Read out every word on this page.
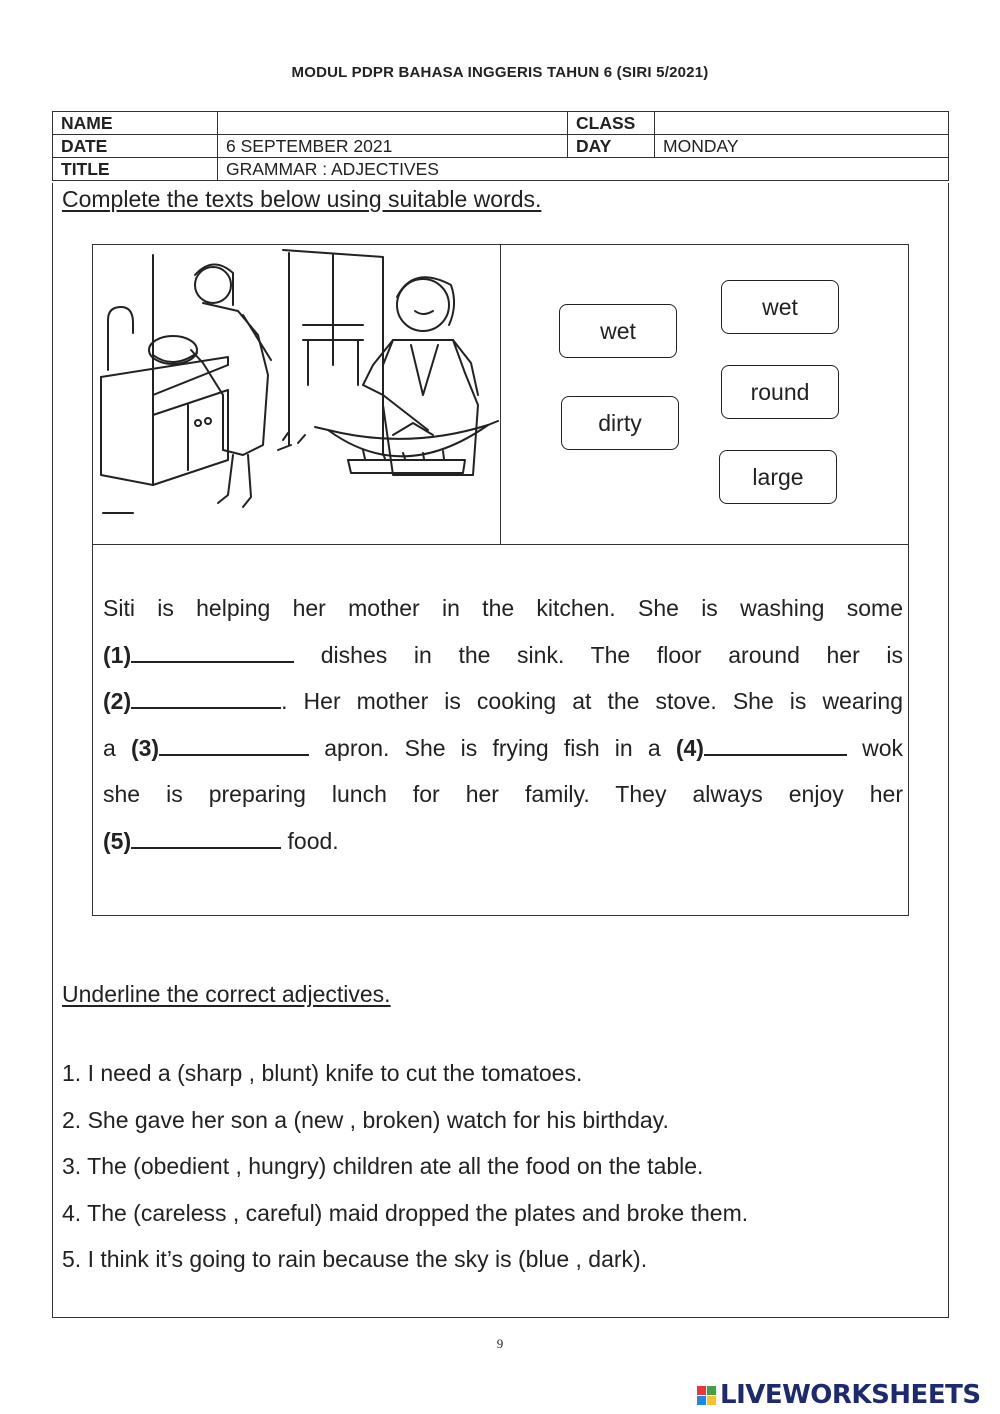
MODUL PDPR BAHASA INGGERIS TAHUN 6 (SIRI 5/2021)
NAME		CLASS	
DATE	6 SEPTEMBER 2021	DAY	MONDAY
TITLE	GRAMMAR : ADJECTIVES		
Complete the texts below using suitable words.
wet
wet
round
dirty
large
Siti is helping her mother in the kitchen. She is washing some
(1)	dishes in the sink. The floor around her is
(2)	. Her mother is cooking at the stove. She is wearing
a (3)	apron. She is frying fish in a (4)	wok
she is preparing lunch for her family. They always enjoy her
(5)	food.
Underline the correct adjectives.
1. I need a (sharp , blunt) knife to cut the tomatoes.
2. She gave her son a (new , broken) watch for his birthday.
3. The (obedient , hungry) children ate all the food on the table.
4. The (careless , careful) maid dropped the plates and broke them.
5. I think it’s going to rain because the sky is (blue , dark).
9
LIVEWORKSHEETS
